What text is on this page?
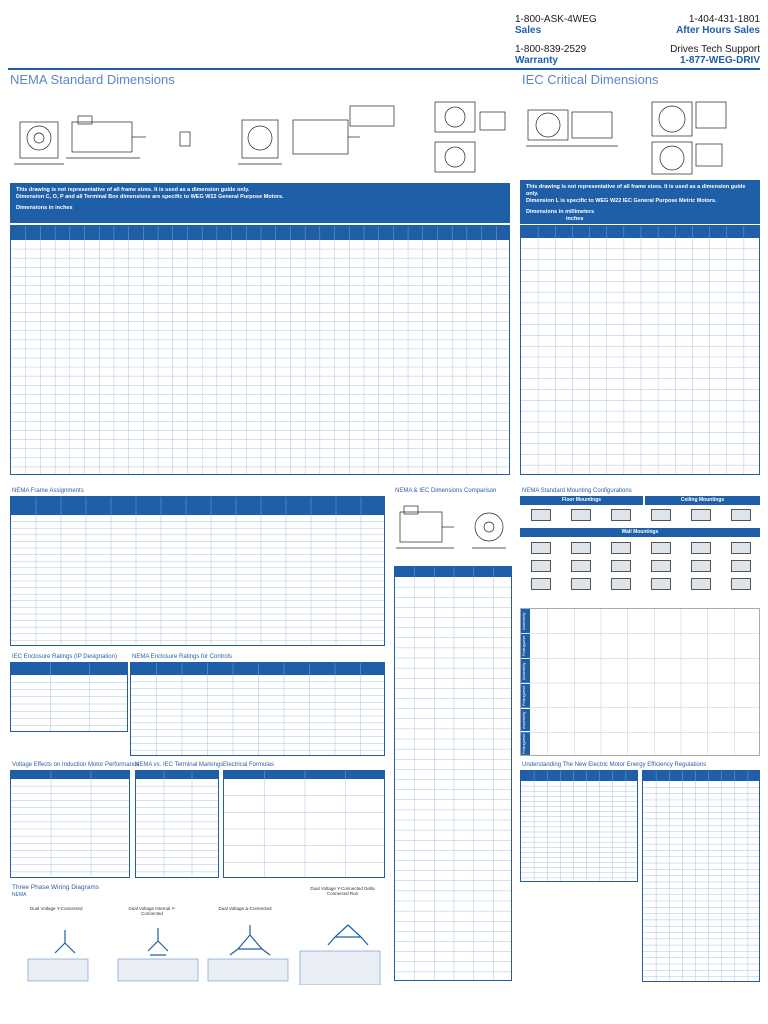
1-800-ASK-4WEG
Sales
1-404-431-1801
After Hours Sales
1-800-839-2529
Warranty
Drives Tech Support
1-877-WEG-DRIV
NEMA Standard Dimensions	IEC Critical Dimensions
This drawing is not representative of all frame sizes. It is used as a dimension guide only.
Dimension C, O, P and all Terminal Box dimensions are specific to WEG W22 General Purpose Motors.
Dimensions in inches
This drawing is not representative of all frame sizes. It is used as a dimension guide only.
Dimension L is specific to WEG W22 IEC General Purpose Metric Motors.
Dimensions in millimeters
inches
NEMA Frame Assignments	NEMA & IEC Dimensions Comparison	NEMA Standard Mounting Configurations
Floor Mountings	Ceiling Mountings
Wall Mountings
Assembly
Portuguese
Assembly
Portuguese
Assembly
Portuguese
IEC Enclosure Ratings (IP Designation)	NEMA Enclosure Ratings for Controls
Voltage Effects on Induction Motor Performance
NEMA vs. IEC Terminal Markings Electrical Formulas	Understanding The New Electric Motor Energy Efficiency Regulations
Three Phase Wiring Diagrams
NEMA
Dual Voltage Y-Connected	Dual Voltage Internal Y-Connected
Dual Voltage Δ-Connected
Dual Voltage Y-Connected Delta Connected Run
